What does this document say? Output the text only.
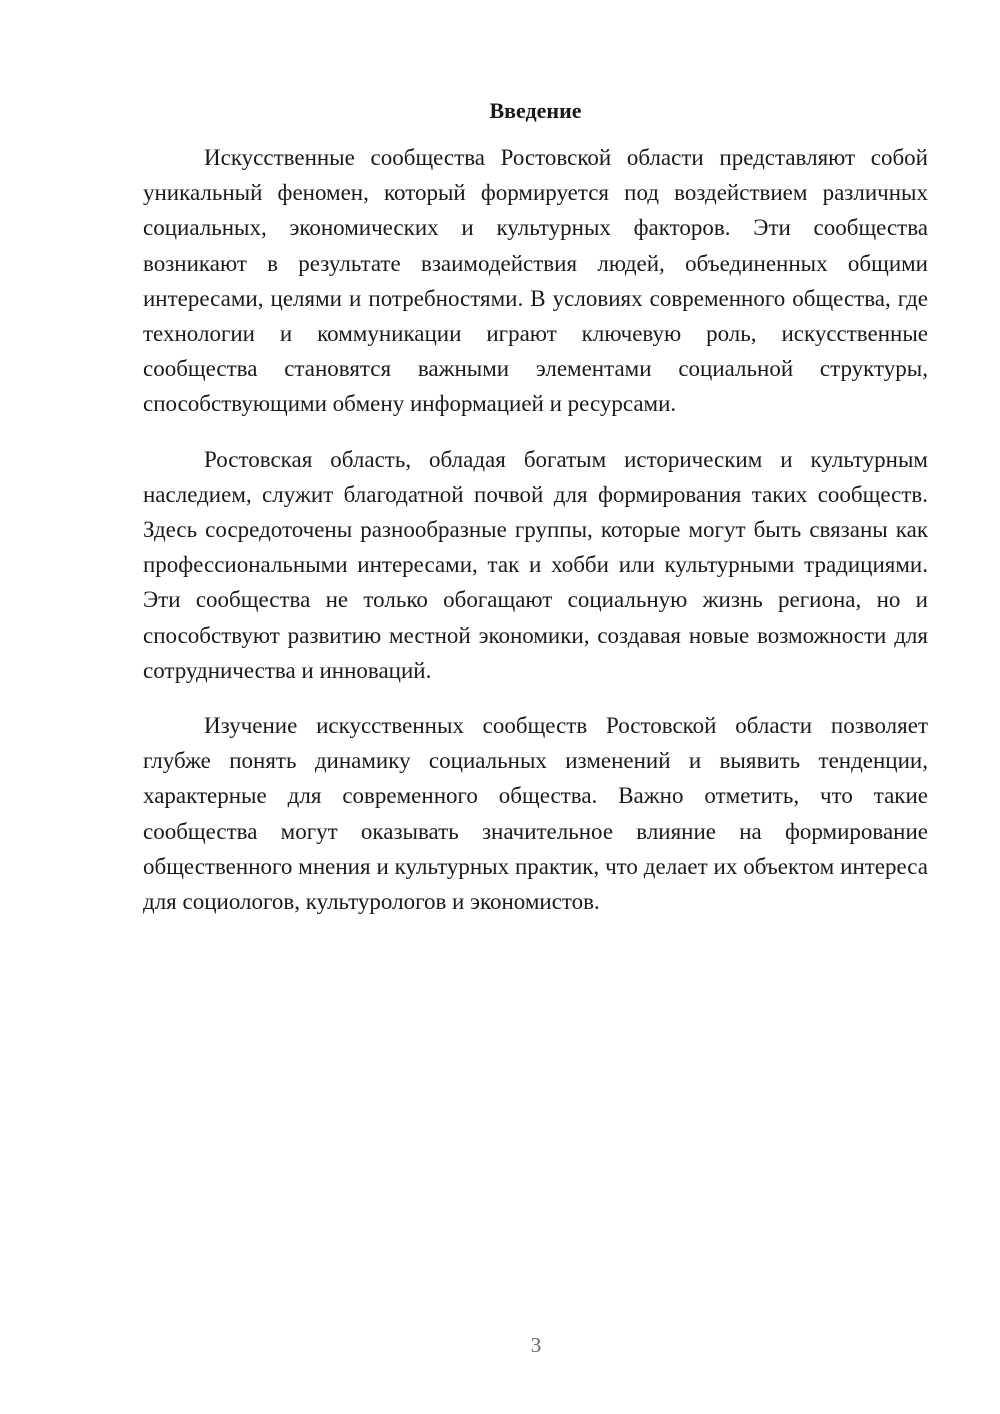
Введение

Искусственные сообщества Ростовской области представляют собой уникальный феномен, который формируется под воздействием различных социальных, экономических и культурных факторов. Эти сообщества возникают в результате взаимодействия людей, объединенных общими интересами, целями и потребностями. В условиях современного общества, где технологии и коммуникации играют ключевую роль, искусственные сообщества становятся важными элементами социальной структуры, способствующими обмену информацией и ресурсами.

Ростовская область, обладая богатым историческим и культурным наследием, служит благодатной почвой для формирования таких сообществ. Здесь сосредоточены разнообразные группы, которые могут быть связаны как профессиональными интересами, так и хобби или культурными традициями. Эти сообщества не только обогащают социальную жизнь региона, но и способствуют развитию местной экономики, создавая новые возможности для сотрудничества и инноваций.

Изучение искусственных сообществ Ростовской области позволяет глубже понять динамику социальных изменений и выявить тенденции, характерные для современного общества. Важно отметить, что такие сообщества могут оказывать значительное влияние на формирование общественного мнения и культурных практик, что делает их объектом интереса для социологов, культурологов и экономистов.

3
